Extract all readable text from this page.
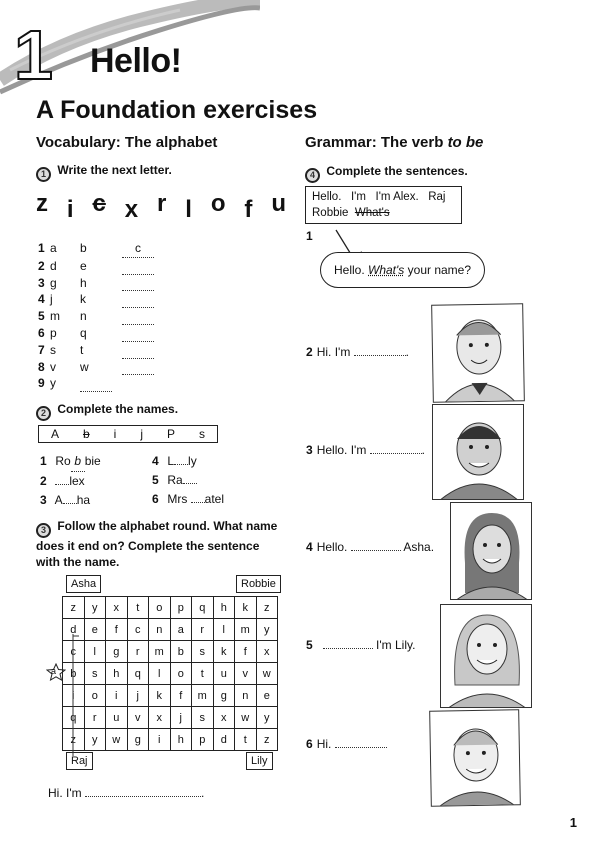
1 Hello!
A Foundation exercises
Vocabulary: The alphabet
1 Write the next letter.
z i c x r l o f u
1 a	b	c
2 d	e
3 g	h
4 j	k
5 m	n
6 p	q
7 s	t
8 v	w
9 y
2 Complete the names.
A b i j P s
1 Ro b bie
2 lex
3 A ha
4 L ly
5 Ra
6 Mrs atel
3 Follow the alphabet round. What name does it end on? Complete the sentence with the name.
Asha	Robbie
Raj	Lily
a
z	y	x	t	o	p	q	h	k	z
d	e	f	c	n	a	r	l	m	y
c	l	g	r	m	b	s	k	f	x
b	s	h	q	l	o	t	u	v	w
i	o	i	j	k	f	m	g	n	e
q	r	u	v	x	j	s	x	w	y
z	y	w	g	i	h	p	d	t	z
Hi. I'm	.
Grammar: The verb to be
4 Complete the sentences.
Hello.   I'm   I'm Alex.   Raj
Robbie  What's
1
Hello. What's your name?
2 Hi. I'm	.
3 Hello. I'm	.
4 Hello.	Asha.
5	I'm Lily.
6 Hi.
1
